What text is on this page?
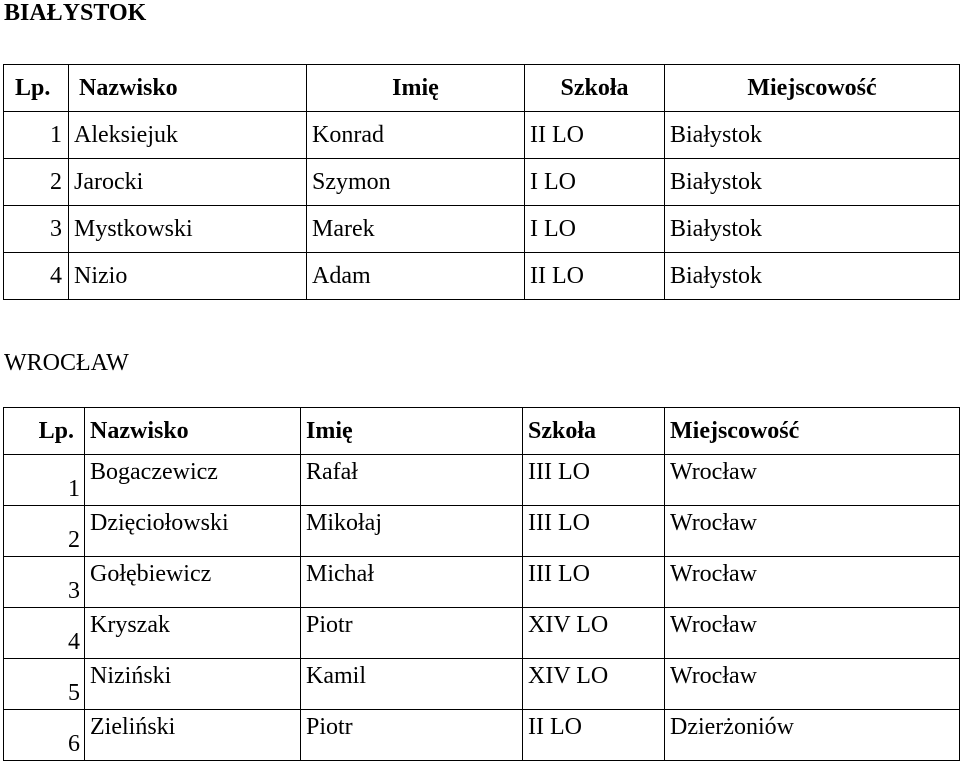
BIAŁYSTOK
Lp.	Nazwisko	Imię	Szkoła	Miejscowość
1	Aleksiejuk	Konrad	II LO	Białystok
2	Jarocki	Szymon	I LO	Białystok
3	Mystkowski	Marek	I LO	Białystok
4	Nizio	Adam	II LO	Białystok
WROCŁAW
Lp.	Nazwisko	Imię	Szkoła	Miejscowość
1	Bogaczewicz	Rafał	III LO	Wrocław
2	Dzięciołowski	Mikołaj	III LO	Wrocław
3	Gołębiewicz	Michał	III LO	Wrocław
4	Kryszak	Piotr	XIV LO	Wrocław
5	Niziński	Kamil	XIV LO	Wrocław
6	Zieliński	Piotr	II LO	Dzierżoniów
